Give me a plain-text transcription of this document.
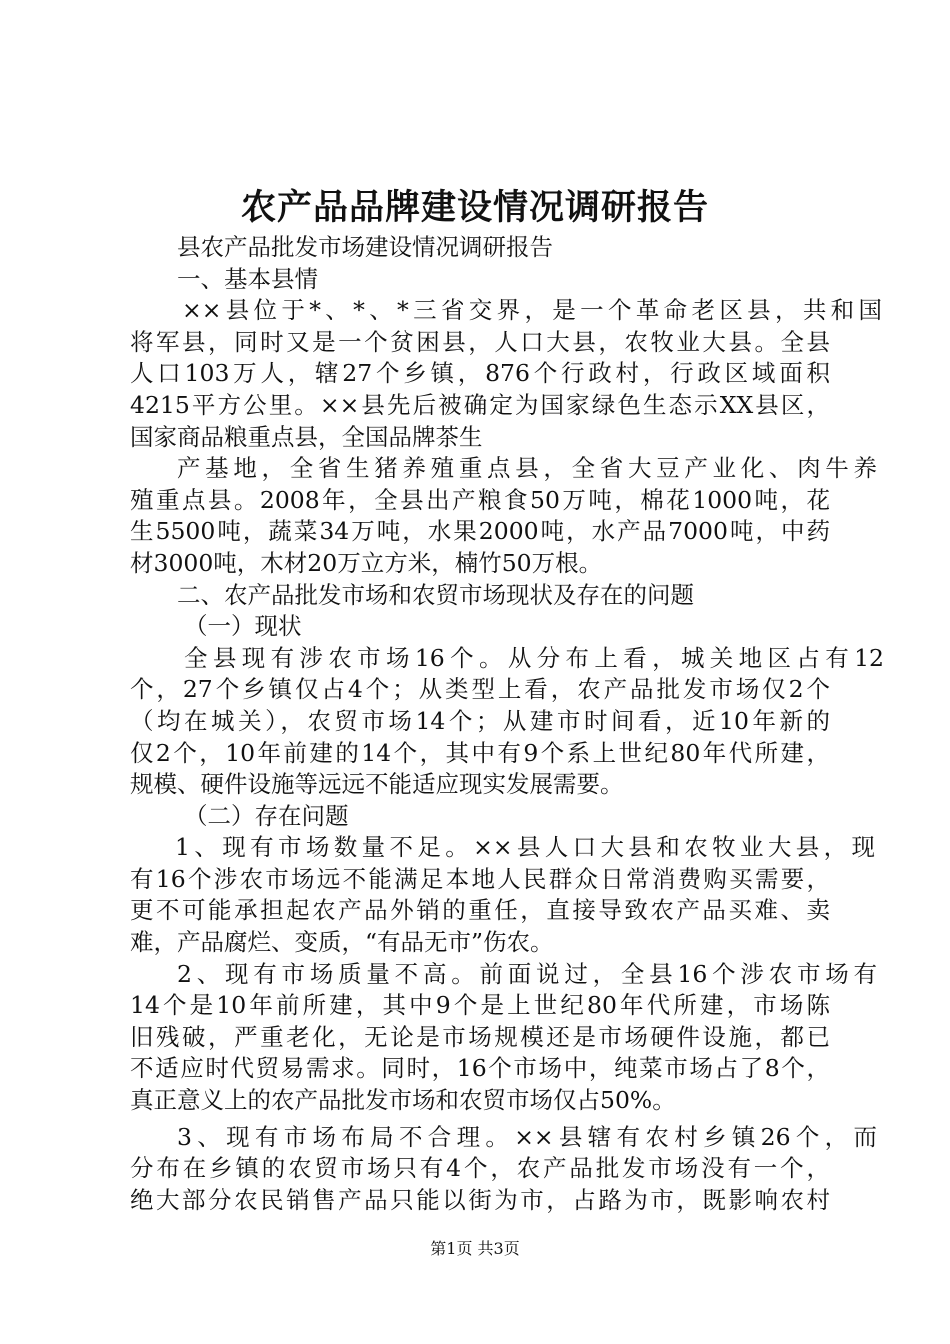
农产品品牌建设情况调研报告

县农产品批发市场建设情况调研报告

一、基本县情

××县位于*、*、*三省交界，是一个革命老区县，共和国

将军县，同时又是一个贫困县，人口大县，农牧业大县。全县

人口103万人，辖27个乡镇，876个行政村，行政区域面积

4215平方公里。××县先后被确定为国家绿色生态示XX县区，

国家商品粮重点县，全国品牌茶生

产基地，全省生猪养殖重点县，全省大豆产业化、肉牛养

殖重点县。2008年，全县出产粮食50万吨，棉花1000吨，花

生5500吨，蔬菜34万吨，水果2000吨，水产品7000吨，中药

材3000吨，木材20万立方米，楠竹50万根。

二、农产品批发市场和农贸市场现状及存在的问题

（一）现状

全县现有涉农市场16个。从分布上看，城关地区占有12

个，27个乡镇仅占4个；从类型上看，农产品批发市场仅2个

（均在城关），农贸市场14个；从建市时间看，近10年新的

仅2个，10年前建的14个，其中有9个系上世纪80年代所建，

规模、硬件设施等远远不能适应现实发展需要。

（二）存在问题

1、现有市场数量不足。××县人口大县和农牧业大县，现

有16个涉农市场远不能满足本地人民群众日常消费购买需要，

更不可能承担起农产品外销的重任，直接导致农产品买难、卖

难，产品腐烂、变质，“有品无市”伤农。

2、现有市场质量不高。前面说过，全县16个涉农市场有

14个是10年前所建，其中9个是上世纪80年代所建，市场陈

旧残破，严重老化，无论是市场规模还是市场硬件设施，都已

不适应时代贸易需求。同时，16个市场中，纯菜市场占了8个，

真正意义上的农产品批发市场和农贸市场仅占50%。

3、现有市场布局不合理。××县辖有农村乡镇26个，而

分布在乡镇的农贸市场只有4个，农产品批发市场没有一个，

绝大部分农民销售产品只能以街为市，占路为市，既影响农村

第1页 共3页
